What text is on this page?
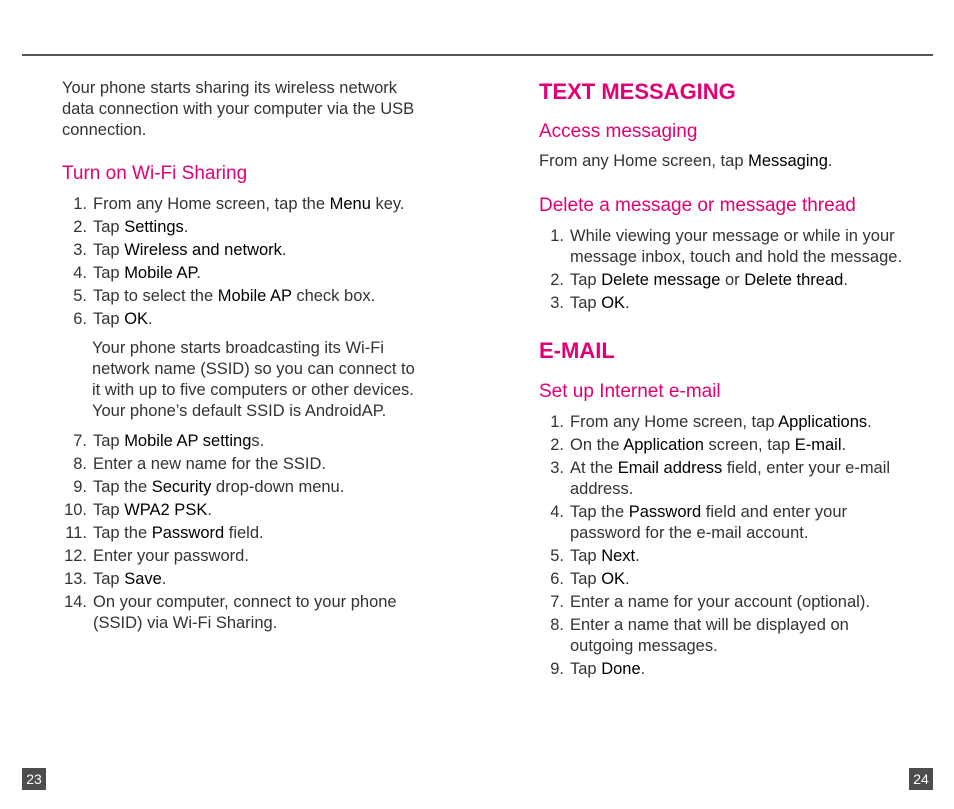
Your phone starts sharing its wireless network data connection with your computer via the USB connection.

Turn on Wi-Fi Sharing
1. From any Home screen, tap the Menu key.
2. Tap Settings.
3. Tap Wireless and network.
4. Tap Mobile AP.
5. Tap to select the Mobile AP check box.
6. Tap OK.

Your phone starts broadcasting its Wi-Fi network name (SSID) so you can connect to it with up to five computers or other devices. Your phone’s default SSID is AndroidAP.

7. Tap Mobile AP settings.
8. Enter a new name for the SSID.
9. Tap the Security drop-down menu.
10. Tap WPA2 PSK.
11. Tap the Password field.
12. Enter your password.
13. Tap Save.
14. On your computer, connect to your phone (SSID) via Wi-Fi Sharing.
TEXT MESSAGING
Access messaging

From any Home screen, tap Messaging.

Delete a message or message thread
1. While viewing your message or while in your message inbox, touch and hold the message.
2. Tap Delete message or Delete thread.
3. Tap OK.
E-MAIL
Set up Internet e-mail
1. From any Home screen, tap Applications.
2. On the Application screen, tap E-mail.
3. At the Email address field, enter your e-mail address.
4. Tap the Password field and enter your password for the e-mail account.
5. Tap Next.
6. Tap OK.
7. Enter a name for your account (optional).
8. Enter a name that will be displayed on outgoing messages.
9. Tap Done.
23	24
